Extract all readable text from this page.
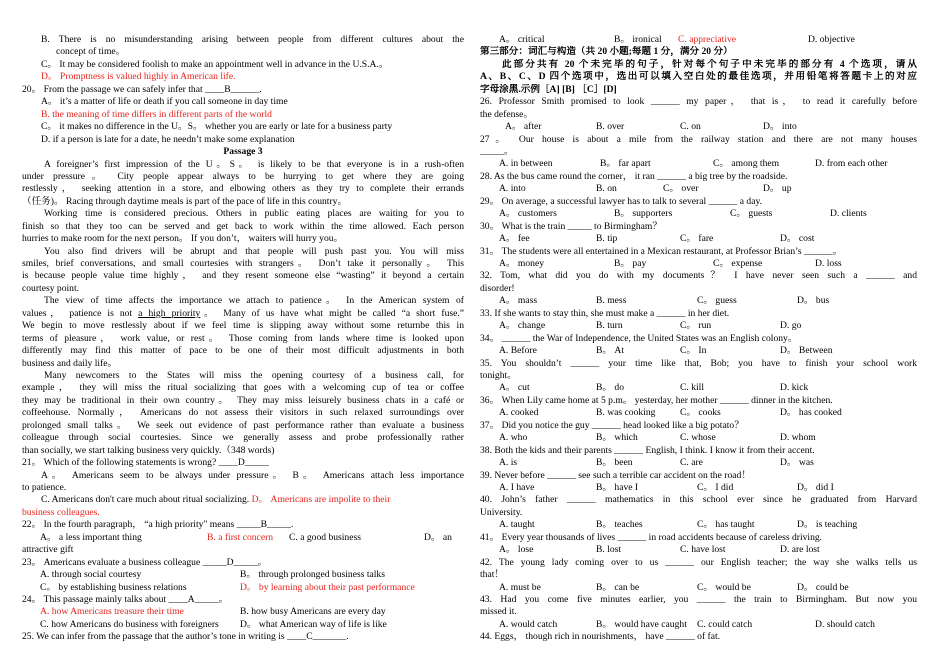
B. There is no misunderstanding arising between people from different cultures about the
concept of time。
C。 It may be considered foolish to make an appointment well in advance in the U.S.A.。
D。 Promptness is valued highly in American life.
20。 From the passage we can safely infer that ____B______.
A。 it’s a matter of life or death if you call someone in day time
B. the meaning of time differs in different parts of the world
C。 it makes no difference in the U。S。 whether you are early or late for a business party
D. if a person is late for a date, he needn’t make some explanation
Passage 3
A foreigner’s first impression of the U。S。 is likely to be that everyone is in a rush-often
under pressure。 City people appear always to be hurrying to get where they are going
restlessly， seeking attention in a store, and elbowing others as they try to complete their errands
（任务)。 Racing through daytime meals is part of the pace of life in this country。
Working time is considered precious. Others in public eating places are waiting for you to
finish so that they too can be served and get back to work within the time allowed. Each person
hurries to make room for the next person。 If you don’t， waiters will hurry you。
You also find drivers will be abrupt and that people will push past you. You will miss
smiles, brief conversations, and small courtesies with strangers。 Don’t take it personally。 This
is because people value time highly， and they resent someone else “wasting” it beyond a certain
courtesy point.
The view of time affects the importance we attach to patience。 In the American system of
values， patience is not a high priority。 Many of us have what might be called “a short fuse.”
We begin to move restlessly about if we feel time is slipping away without some returnbe this in
terms of pleasure， work value, or rest。 Those coming from lands where time is looked upon
differently may find this matter of pace to be one of their most difficult adjustments in both
business and daily life。
Many newcomers to the States will miss the opening courtesy of a business call, for
example， they will miss the ritual socializing that goes with a welcoming cup of tea or coffee
they may be traditional in their own country。 They may miss leisurely business chats in a café or
coffeehouse. Normally， Americans do not assess their visitors in such relaxed surroundings over
prolonged small talks。 We seek out evidence of past performance rather than evaluate a business
colleague through social courtesies. Since we generally assess and probe professionally rather
than socially, we start talking business very quickly.（348 words)
21。 Which of the following statements is wrong? ____D_____
A。 Americans seem to be always under pressure。 B。 Americans attach less importance
to patience.
C. Americans don't care much about ritual socializing. D。 Americans are impolite to their
business colleagues.
22。 In the fourth paragraph， “a high priority" means _____B_____.
A。 a less important thing	B. a first concern C. a good business	D。 an
attractive gift
23。 Americans evaluate a business colleague _____D_____。
A. through social courtesy	B。 through prolonged business talks
C。 by establishing business relations	D。 by learning about their past performance
24。 This passage mainly talks about ____A_____。
A. how Americans treasure their time	B. how busy Americans are every day
C. how Americans do business with foreigners D。 what American way of life is like
25. We can infer from the passage that the author’s tone in writing is ____C_______.
A。 critical	B。 ironical C. appreciative	D. objective
第三部分：词汇与构造（共 20 小题;每题 1 分，满分 20 分）
此部分共有 20 个未完毕的句子，针对每个句子中未完毕的部分有 4 个选项，请从
A、B、C、D 四个选项中，选出可以填入空白处的最佳选项，并用铅笔将答题卡上的对应
字母涂黑.示例［A] [B] ［C］[D]
26. Professor Smith promised to look ______ my paper， that is， to read it carefully before
the defense。
A。 after	B. over	C. on	D。 into
27。 Our house is about a mile from the railway station and there are not many houses
_____。
A. in between	B。 far apart	C。 among them	D. from each other
28. As the bus came round the corner， it ran ______ a big tree by the roadside.
A. into	B. on	C。 over	D。 up
29。 On average, a successful lawyer has to talk to several ______ a day.
A。 customers	B。 supporters	C。 guests	D. clients
30。 What is the train _____ to Birmingham？
A。 fee	B. tip	C。 fare	D。 cost
31。 The students were all entertained in a Mexican restaurant, at Professor Brian’s ______。
A。 money	B。 pay	C。 expense	D. loss
32. Tom, what did you do with my documents？ I have never seen such a ______ and
disorder!
A。 mass	B. mess	C。 guess	D。 bus
33. If she wants to stay thin, she must make a ______ in her diet.
A。 change	B. turn	C。 run	D. go
34。 ______ the War of Independence, the United States was an English colony。
A. Before	B。 At	C。 In	D。 Between
35. You shouldn’t ______ your time like that, Bob; you have to finish your school work
tonight。
A。 cut	B。 do	C. kill	D. kick
36。 When Lily came home at 5 p.m。 yesterday, her mother ______ dinner in the kitchen.
A. cooked	B. was cooking	C。 cooks	D。 has cooked
37。 Did you notice the guy ______ head looked like a big potato？
A. who	B。 which	C. whose	D. whom
38. Both the kids and their parents ______ English, I think. I know it from their accent.
A. is	B。 been	C. are	D。 was
39. Never before ______ see such a terrible car accident on the road！
A. I have	B。 have I	C。 I did	D。 did I
40. John’s father ______ mathematics in this school ever since he graduated from Harvard
University.
A. taught	B。 teaches	C。 has taught	D。 is teaching
41。 Every year thousands of lives ______ in road accidents because of careless driving.
A。 lose	B. lost	C. have lost	D. are lost
42. The young lady coming over to us ______ our English teacher; the way she walks tells us
that！
A. must be	B。 can be	C。 would be	D。 could be
43. Had you come five minutes earlier, you ______ the train to Birmingham. But now you
missed it.
A. would catch	B。 would have caught C. could catch	D. should catch
44. Eggs， though rich in nourishments， have ______ of fat.
